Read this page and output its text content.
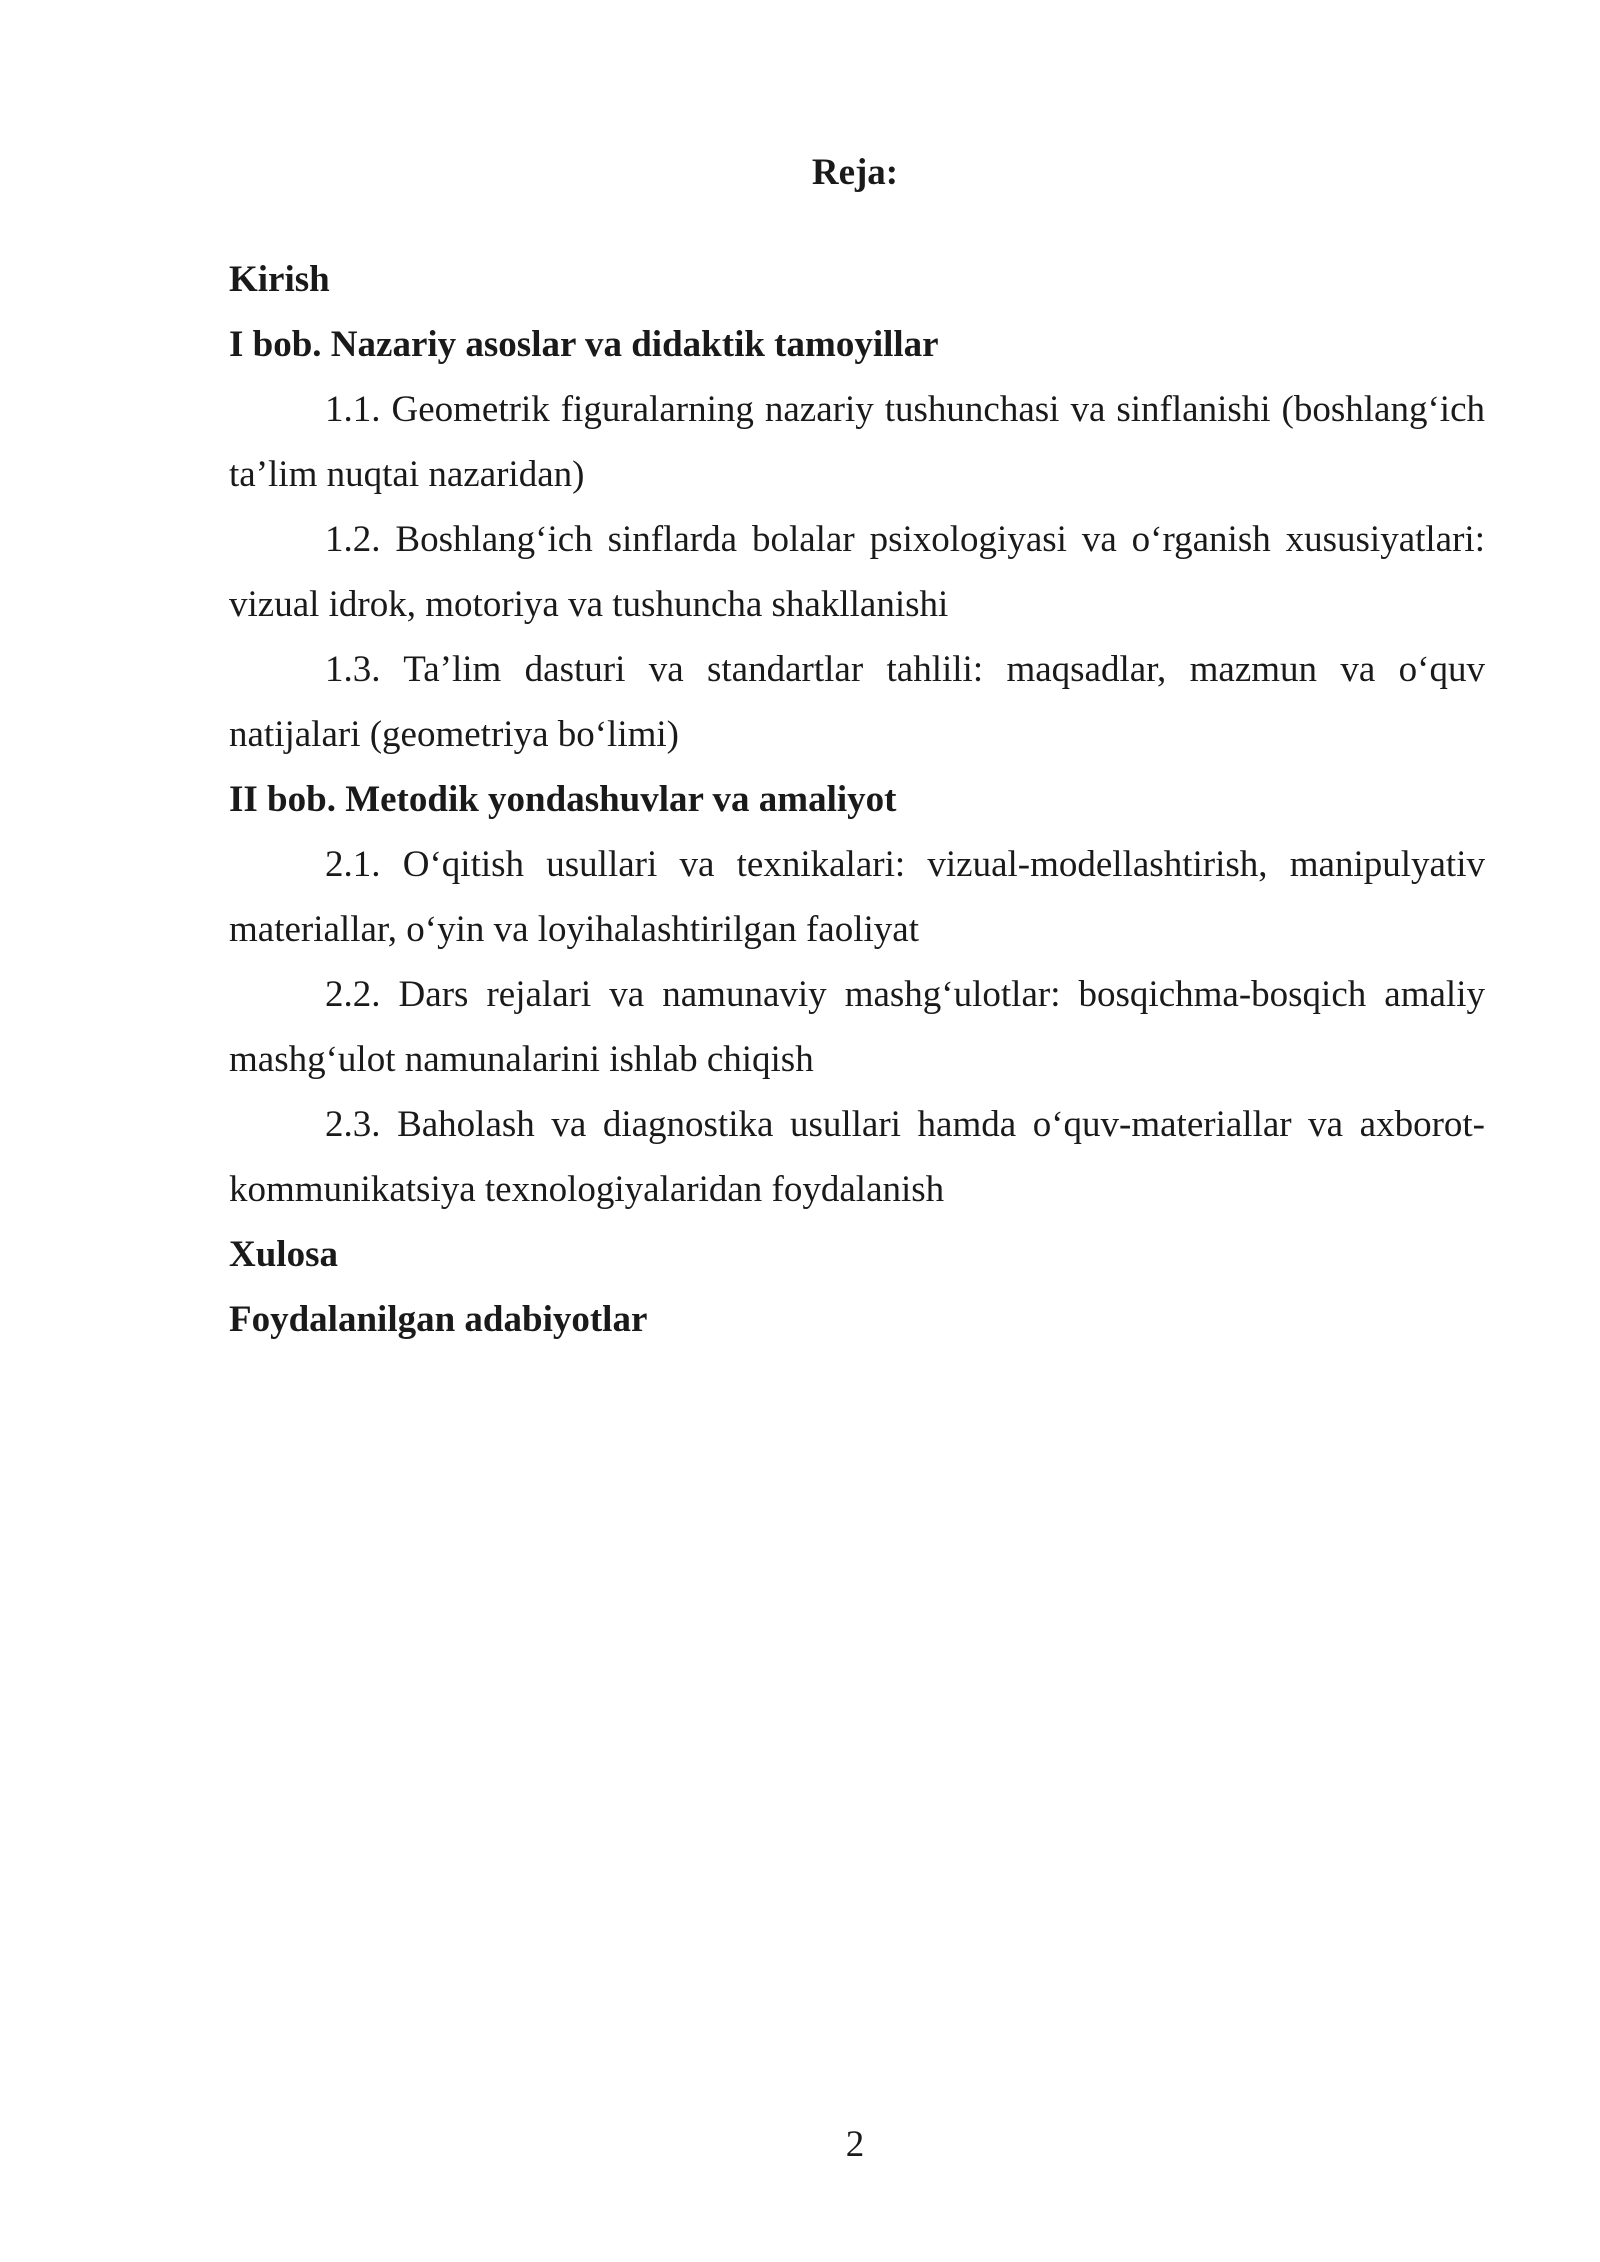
Reja:

Kirish

I bob. Nazariy asoslar va didaktik tamoyillar

1.1. Geometrik figuralarning nazariy tushunchasi va sinflanishi (boshlang‘ich ta’lim nuqtai nazaridan)

1.2. Boshlang‘ich sinflarda bolalar psixologiyasi va o‘rganish xususiyatlari: vizual idrok, motoriya va tushuncha shakllanishi

1.3. Ta’lim dasturi va standartlar tahlili: maqsadlar, mazmun va o‘quv natijalari (geometriya bo‘limi)

II bob. Metodik yondashuvlar va amaliyot

2.1. O‘qitish usullari va texnikalari: vizual-modellashtirish, manipulyativ materiallar, o‘yin va loyihalashtirilgan faoliyat

2.2. Dars rejalari va namunaviy mashg‘ulotlar: bosqichma-bosqich amaliy mashg‘ulot namunalarini ishlab chiqish

2.3. Baholash va diagnostika usullari hamda o‘quv-materiallar va axborot-kommunikatsiya texnologiyalaridan foydalanish

Xulosa

Foydalanilgan adabiyotlar

2
